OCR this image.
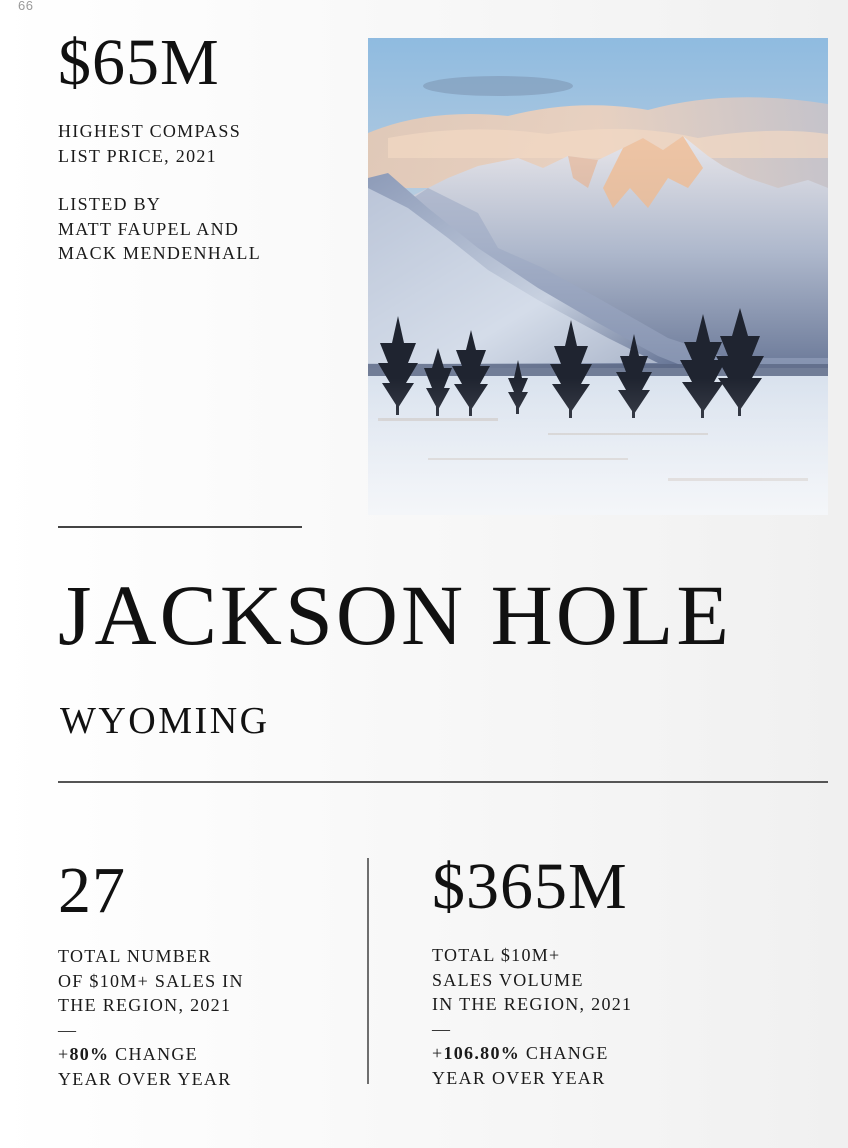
66
$65M
HIGHEST COMPASS
LIST PRICE, 2021
LISTED BY
MATT FAUPEL AND
MACK MENDENHALL
JACKSON HOLE
WYOMING
27
TOTAL NUMBER
OF $10M+ SALES IN
THE REGION, 2021
—
+80% CHANGE
YEAR OVER YEAR
$365M
TOTAL $10M+
SALES VOLUME
IN THE REGION, 2021
—
+106.80% CHANGE
YEAR OVER YEAR
